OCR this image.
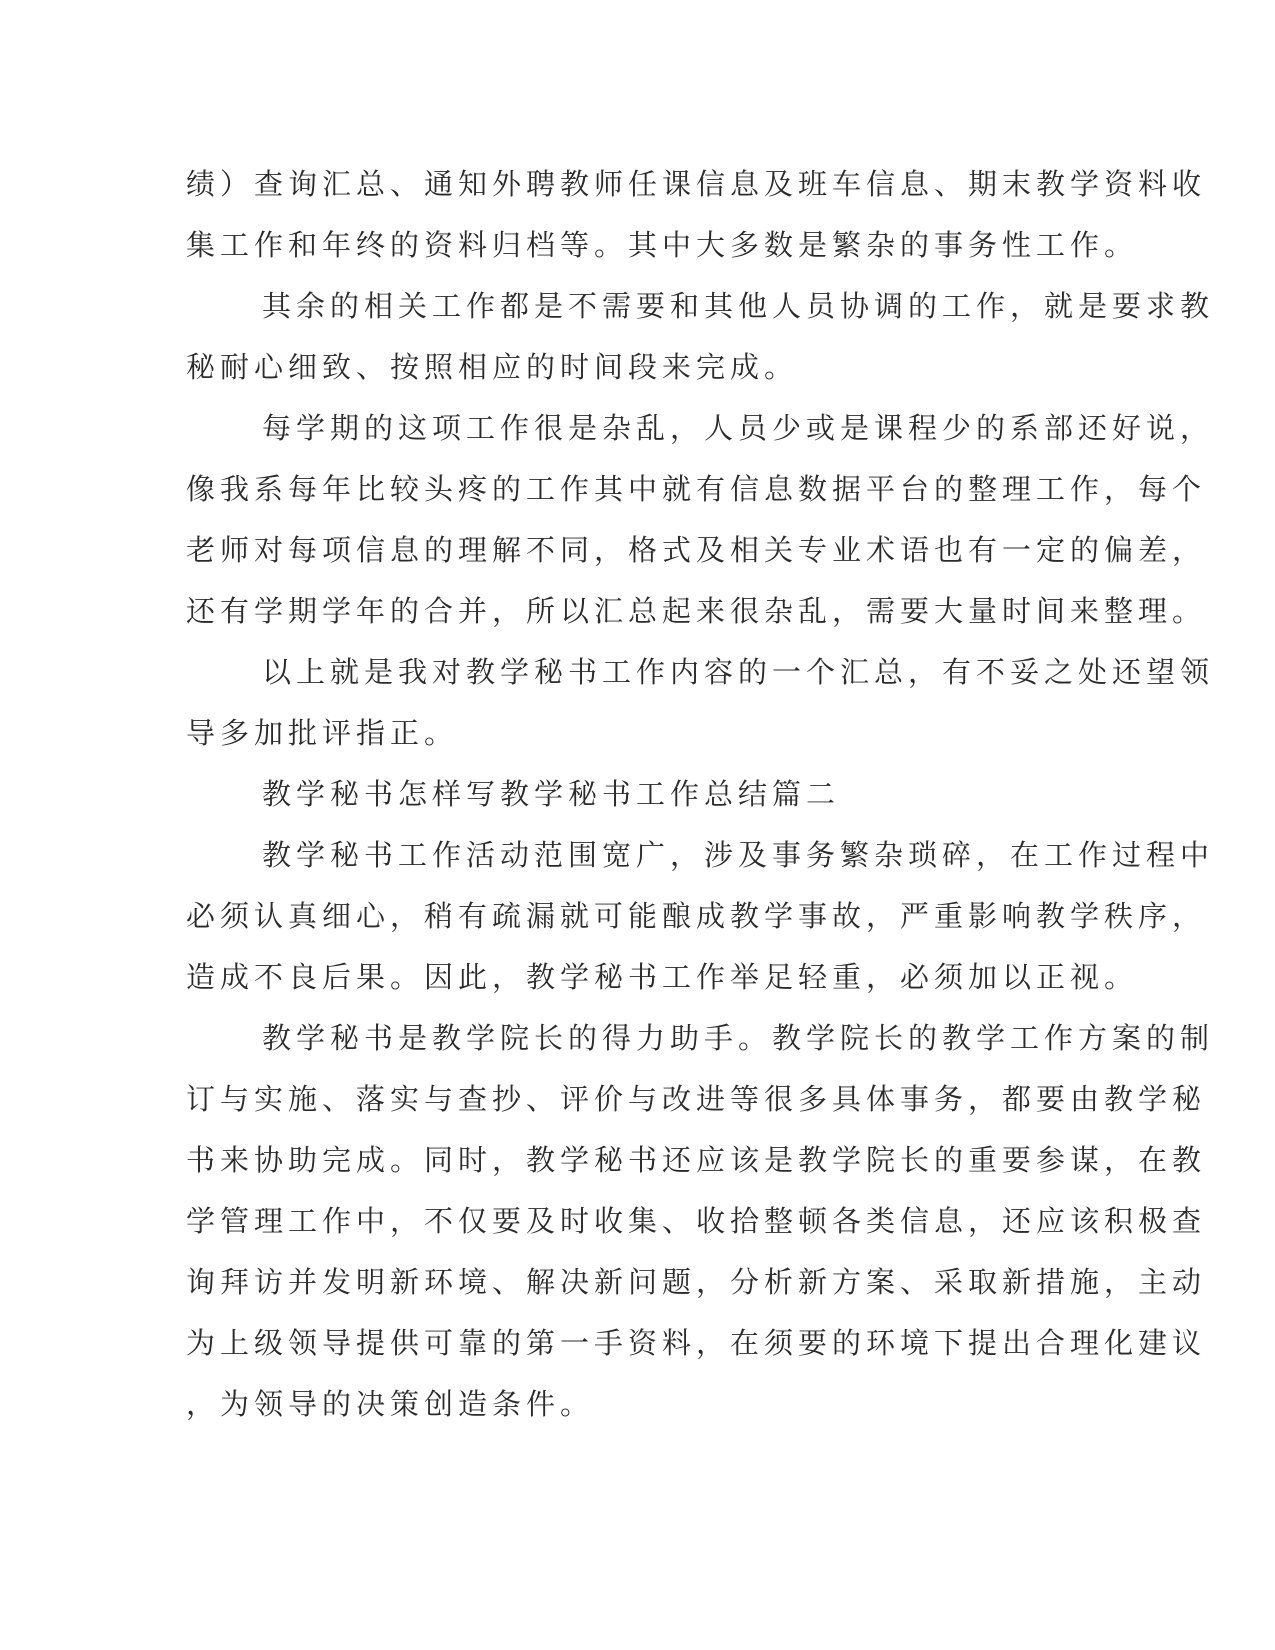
绩）查询汇总、通知外聘教师任课信息及班车信息、期末教学资料收
集工作和年终的资料归档等。其中大多数是繁杂的事务性工作。
其余的相关工作都是不需要和其他人员协调的工作，就是要求教
秘耐心细致、按照相应的时间段来完成。
每学期的这项工作很是杂乱，人员少或是课程少的系部还好说，
像我系每年比较头疼的工作其中就有信息数据平台的整理工作，每个
老师对每项信息的理解不同，格式及相关专业术语也有一定的偏差，
还有学期学年的合并，所以汇总起来很杂乱，需要大量时间来整理。
以上就是我对教学秘书工作内容的一个汇总，有不妥之处还望领
导多加批评指正。
教学秘书怎样写教学秘书工作总结篇二
教学秘书工作活动范围宽广，涉及事务繁杂琐碎，在工作过程中
必须认真细心，稍有疏漏就可能酿成教学事故，严重影响教学秩序，
造成不良后果。因此，教学秘书工作举足轻重，必须加以正视。
教学秘书是教学院长的得力助手。教学院长的教学工作方案的制
订与实施、落实与查抄、评价与改进等很多具体事务，都要由教学秘
书来协助完成。同时，教学秘书还应该是教学院长的重要参谋，在教
学管理工作中，不仅要及时收集、收拾整顿各类信息，还应该积极查
询拜访并发明新环境、解决新问题，分析新方案、采取新措施，主动
为上级领导提供可靠的第一手资料，在须要的环境下提出合理化建议
，为领导的决策创造条件。
